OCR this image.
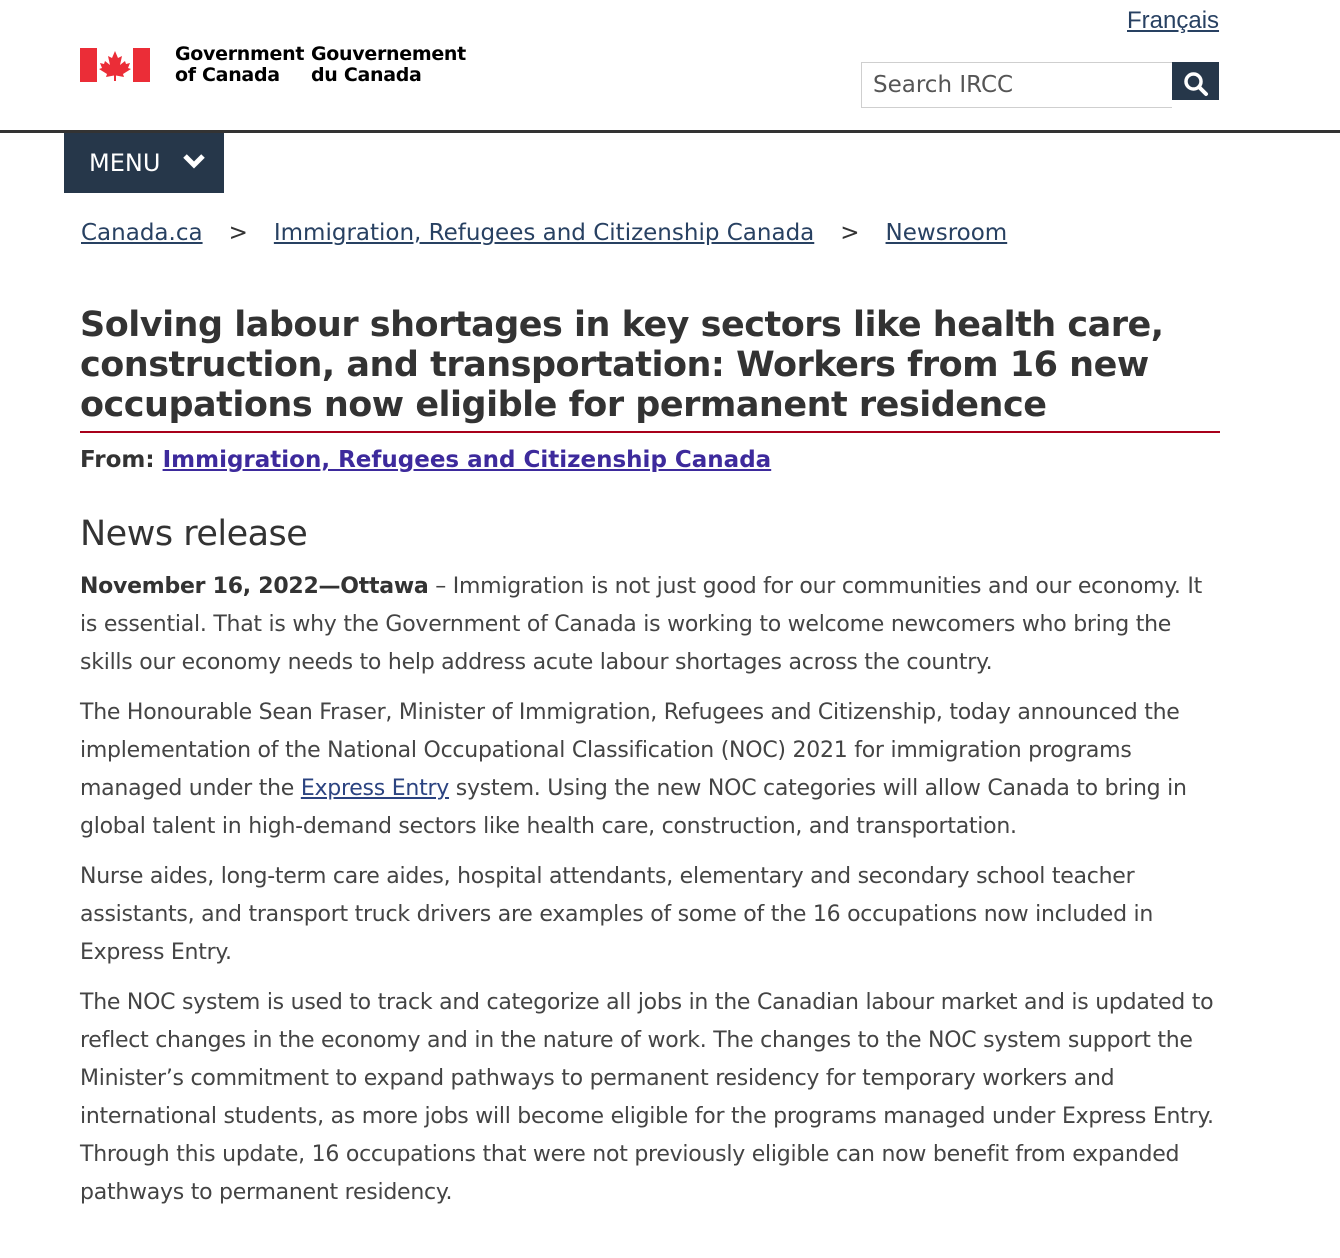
Government
of Canada
Gouvernement
du Canada
Français
Search IRCC
MENU
Canada.ca > Immigration, Refugees and Citizenship Canada > Newsroom
Solving labour shortages in key sectors like health care,
construction, and transportation: Workers from 16 new
occupations now eligible for permanent residence
From: Immigration, Refugees and Citizenship Canada
News release

November 16, 2022—Ottawa – Immigration is not just good for our communities and our economy. It is essential. That is why the Government of Canada is working to welcome newcomers who bring the skills our economy needs to help address acute labour shortages across the country.

The Honourable Sean Fraser, Minister of Immigration, Refugees and Citizenship, today announced the implementation of the National Occupational Classification (NOC) 2021 for immigration programs managed under the Express Entry system. Using the new NOC categories will allow Canada to bring in global talent in high-demand sectors like health care, construction, and transportation.

Nurse aides, long-term care aides, hospital attendants, elementary and secondary school teacher assistants, and transport truck drivers are examples of some of the 16 occupations now included in Express Entry.

The NOC system is used to track and categorize all jobs in the Canadian labour market and is updated to reflect changes in the economy and in the nature of work. The changes to the NOC system support the Minister’s commitment to expand pathways to permanent residency for temporary workers and international students, as more jobs will become eligible for the programs managed under Express Entry. Through this update, 16 occupations that were not previously eligible can now benefit from expanded pathways to permanent residency.
